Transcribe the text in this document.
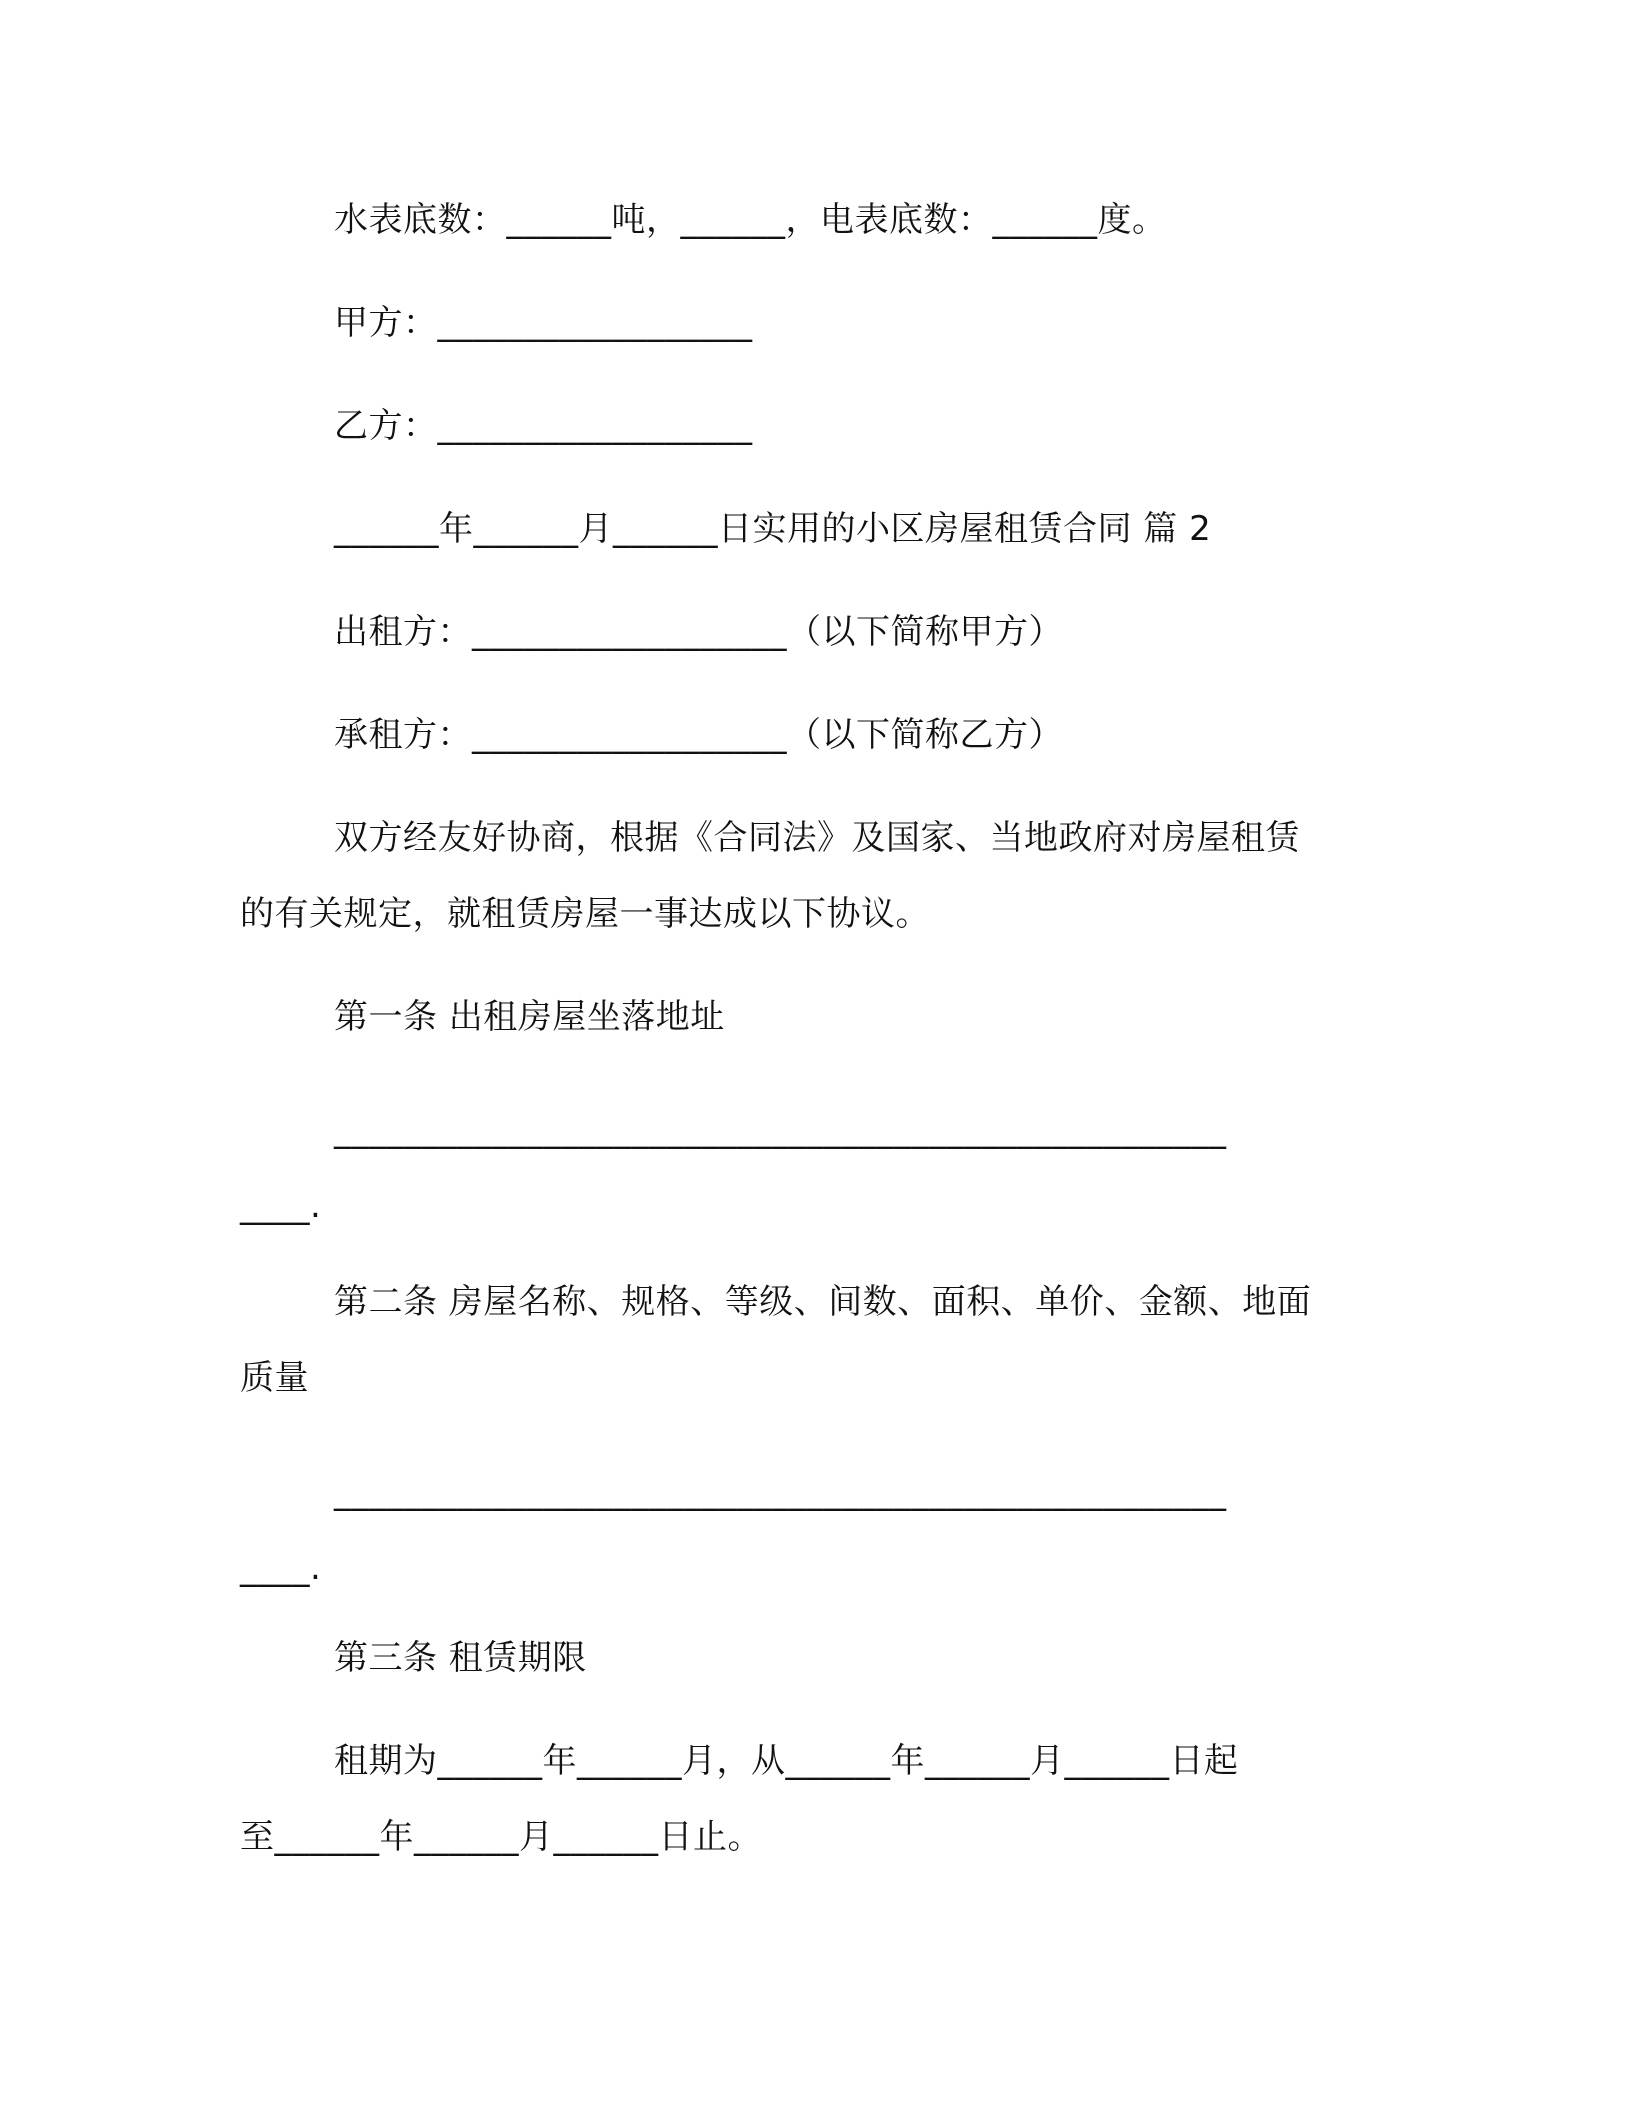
水表底数：______吨，______，电表底数：______度。
甲方：__________________
乙方：__________________
______年______月______日实用的小区房屋租赁合同 篇 2
出租方：__________________（以下简称甲方）
承租方：__________________（以下简称乙方）
双方经友好协商，根据《合同法》及国家、当地政府对房屋租赁
的有关规定，就租赁房屋一事达成以下协议。
第一条 出租房屋坐落地址
___________________________________________________
____.
第二条 房屋名称、规格、等级、间数、面积、单价、金额、地面
质量
___________________________________________________
____.
第三条 租赁期限
租期为______年______月，从______年______月______日起
至______年______月______日止。
